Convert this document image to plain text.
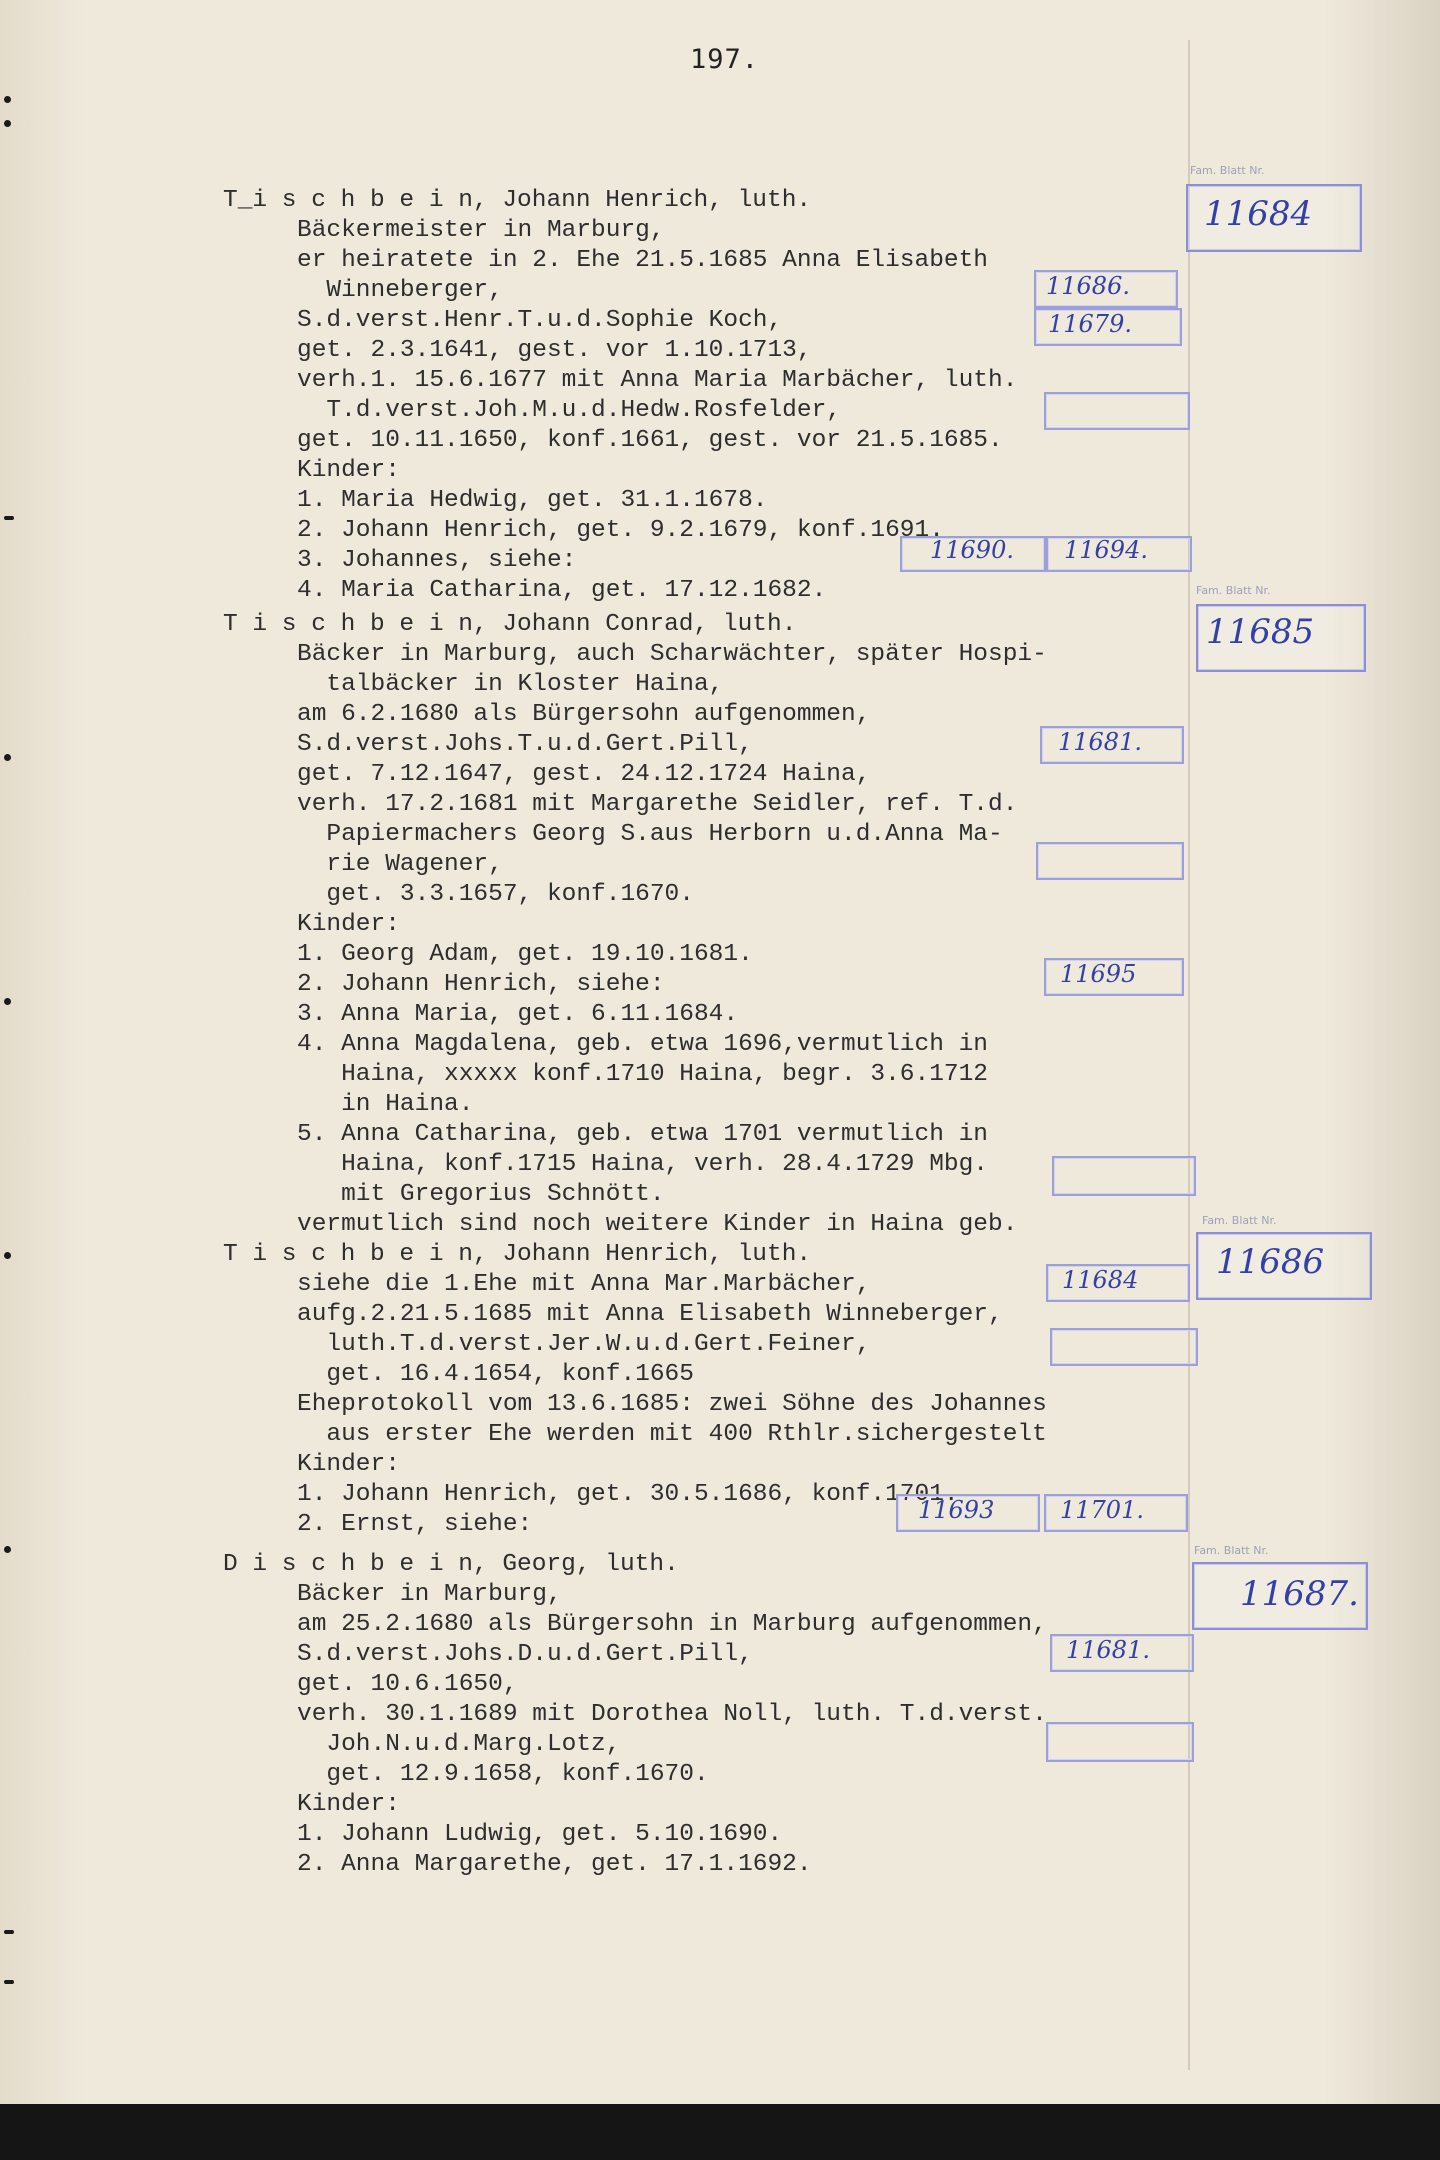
197.
T_i s c h b e i n, Johann Henrich, luth.
Bäckermeister in Marburg,
er heiratete in 2. Ehe 21.5.1685 Anna Elisabeth
Winneberger,
S.d.verst.Henr.T.u.d.Sophie Koch,
get. 2.3.1641, gest. vor 1.10.1713,
verh.1. 15.6.1677 mit Anna Maria Marbächer, luth.
T.d.verst.Joh.M.u.d.Hedw.Rosfelder,
get. 10.11.1650, konf.1661, gest. vor 21.5.1685.
Kinder:
1. Maria Hedwig, get. 31.1.1678.
2. Johann Henrich, get. 9.2.1679, konf.1691.
3. Johannes, siehe:
4. Maria Catharina, get. 17.12.1682.
Fam. Blatt Nr.
11684
11686.
11679.
11690. 11694.
T i s c h b e i n, Johann Conrad, luth.
Bäcker in Marburg, auch Scharwächter, später Hospi-
talbäcker in Kloster Haina,
am 6.2.1680 als Bürgersohn aufgenommen,
S.d.verst.Johs.T.u.d.Gert.Pill,
get. 7.12.1647, gest. 24.12.1724 Haina,
verh. 17.2.1681 mit Margarethe Seidler, ref. T.d.
Papiermachers Georg S.aus Herborn u.d.Anna Ma-
rie Wagener,
get. 3.3.1657, konf.1670.
Kinder:
1. Georg Adam, get. 19.10.1681.
2. Johann Henrich, siehe:
3. Anna Maria, get. 6.11.1684.
4. Anna Magdalena, geb. etwa 1696,vermutlich in
Haina, xxxxx konf.1710 Haina, begr. 3.6.1712
in Haina.
5. Anna Catharina, geb. etwa 1701 vermutlich in
Haina, konf.1715 Haina, verh. 28.4.1729 Mbg.
mit Gregorius Schnött.
vermutlich sind noch weitere Kinder in Haina geb.
Fam. Blatt Nr.
11685
11681.
11695
T i s c h b e i n, Johann Henrich, luth.
siehe die 1.Ehe mit Anna Mar.Marbächer,
aufg.2.21.5.1685 mit Anna Elisabeth Winneberger,
luth.T.d.verst.Jer.W.u.d.Gert.Feiner,
get. 16.4.1654, konf.1665
Eheprotokoll vom 13.6.1685: zwei Söhne des Johannes
aus erster Ehe werden mit 400 Rthlr.sichergestelt
Kinder:
1. Johann Henrich, get. 30.5.1686, konf.1701.
2. Ernst, siehe:
Fam. Blatt Nr.
11686
11684
11693	11701.
D i s c h b e i n, Georg, luth.
Bäcker in Marburg,
am 25.2.1680 als Bürgersohn in Marburg aufgenommen,
S.d.verst.Johs.D.u.d.Gert.Pill,
get. 10.6.1650,
verh. 30.1.1689 mit Dorothea Noll, luth. T.d.verst.
Joh.N.u.d.Marg.Lotz,
get. 12.9.1658, konf.1670.
Kinder:
1. Johann Ludwig, get. 5.10.1690.
2. Anna Margarethe, get. 17.1.1692.
Fam. Blatt Nr.
11687.
11681.
